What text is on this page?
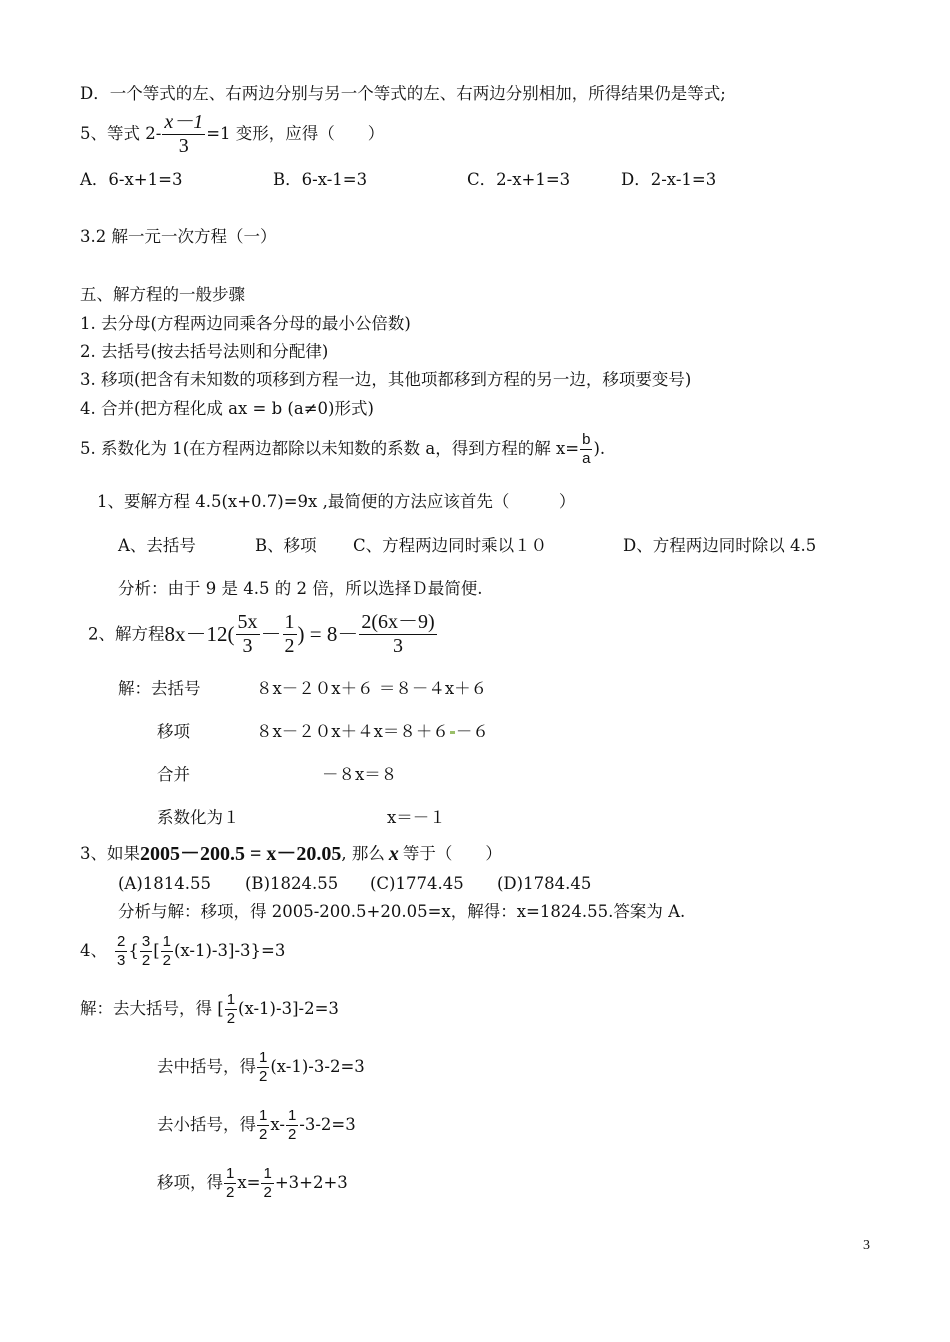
D．一个等式的左、右两边分别与另一个等式的左、右两边分别相加，所得结果仍是等式;
5、等式 $2- \frac{x-1}{3} =1$ 变形，应得（　　）
A．6-x+1=3	B．6-x-1=3	C．2-x+1=3	D．2-x-1=3
3.2 解一元一次方程（一）
五、解方程的一般步骤
1. 去分母(方程两边同乘各分母的最小公倍数)
2. 去括号(按去括号法则和分配律)
3. 移项(把含有未知数的项移到方程一边，其他项都移到方程的另一边，移项要变号)
4. 合并(把方程化成 ax = b (a≠0)形式)
5. 系数化为 1(在方程两边都除以未知数的系数 a，得到方程的解 $x= \frac{b}{a}$ ).
1、要解方程 4.5(x+0.7)=9x ,最简便的方法应该首先（　　　）
A、去括号	B、移项 C、方程两边同时乘以１０	D、方程两边同时除以 4.5
分析：由于 9 是 4.5 的 2 倍，所以选择Ｄ最简便.
2、解方程$8x-12( \frac{5x}{3} - \frac{1}{2}$ ) = $8- \frac{2(6x-9)}{3}$
解：去括号	８x－２０x＋６ ＝８－４x＋６
移项	８x－２０x＋４x＝８＋６ －６
合并	－８x＝８
系数化为１	x＝－１
3、如果2005－200.5 = x－20.05, 那么 x 等于（　　）
(A)1814.55 (B)1824.55 (C)1774.45 (D)1784.45
分析与解：移项，得 2005-200.5+20.05=x，解得：x=1824.55.答案为 A.
4、 $\frac{2}{3}$ { $\frac{3}{2}$ [ $\frac{1}{2} (x-1)-3]-3\}=3$
解：去大括号，得 [ $\frac{1}{2} (x-1)-3]-2=3$
去中括号，得 $\frac{1}{2} (x-1)-3-2=3$
去小括号，得 $\frac{1}{2} x- \frac{1}{2} -3-2=3$
移项，得 $\frac{1}{2} x= \frac{1}{2} +3+2+3$
3
